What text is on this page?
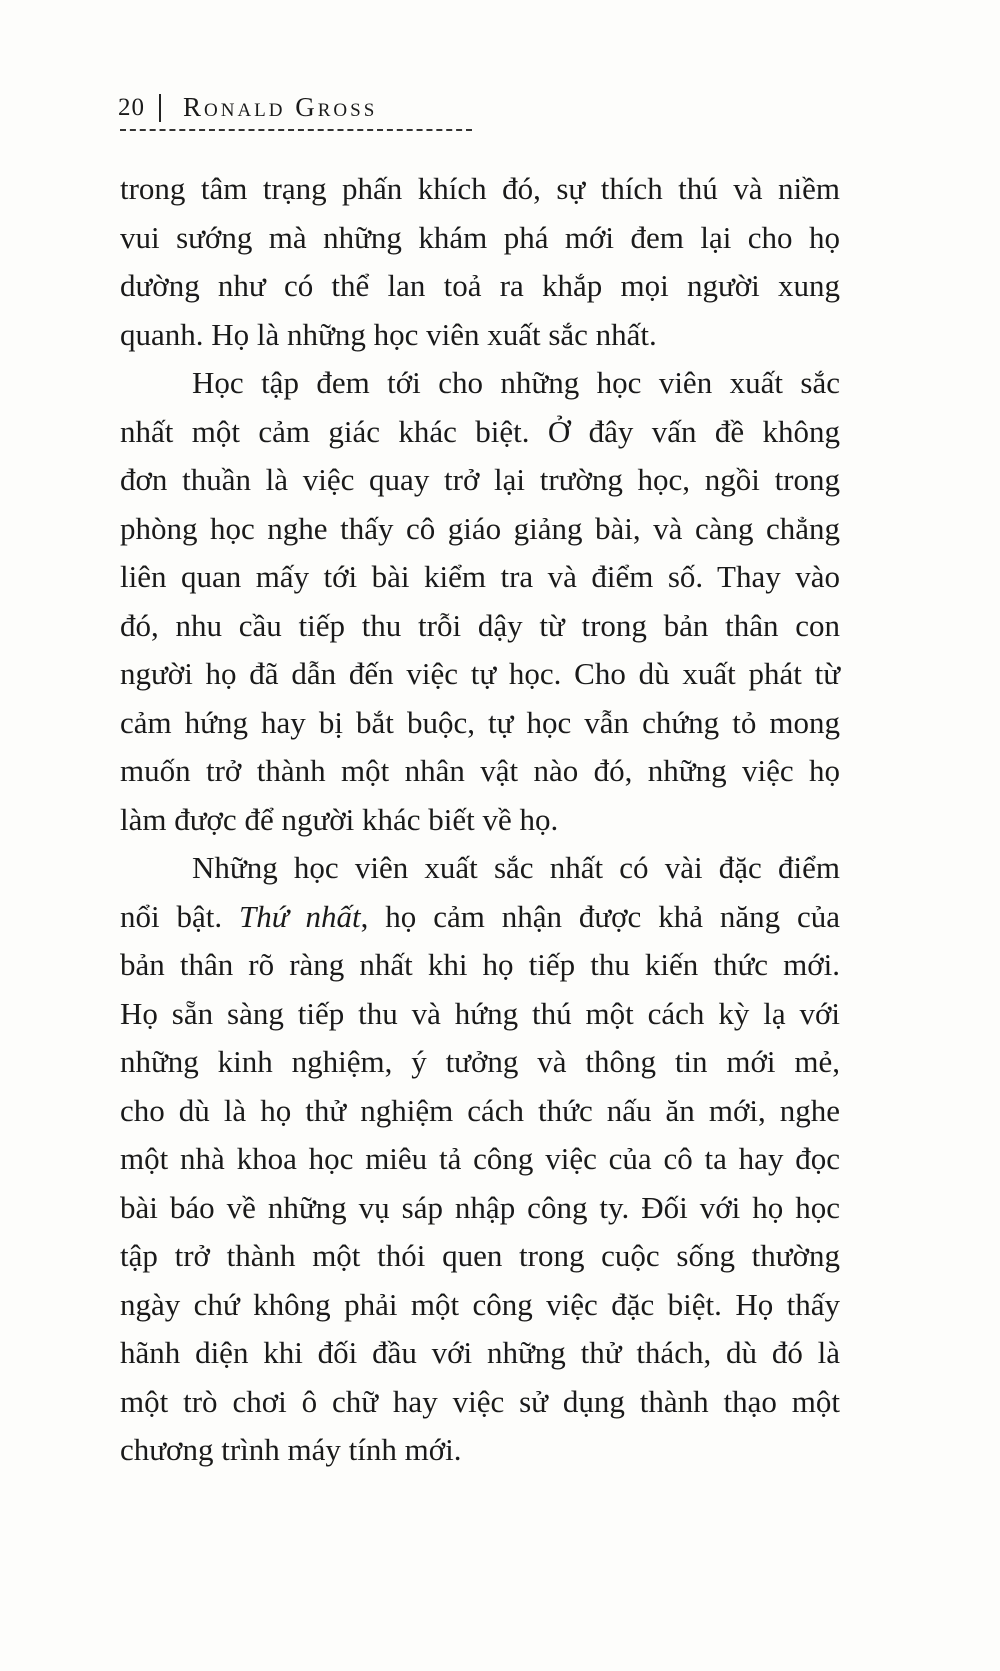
20 Ronald Gross
trong tâm trạng phấn khích đó, sự thích thú và niềm
vui sướng mà những khám phá mới đem lại cho họ
dường như có thể lan toả ra khắp mọi người xung
quanh. Họ là những học viên xuất sắc nhất.
Học tập đem tới cho những học viên xuất sắc
nhất một cảm giác khác biệt. Ở đây vấn đề không
đơn thuần là việc quay trở lại trường học, ngồi trong
phòng học nghe thấy cô giáo giảng bài, và càng chẳng
liên quan mấy tới bài kiểm tra và điểm số. Thay vào
đó, nhu cầu tiếp thu trỗi dậy từ trong bản thân con
người họ đã dẫn đến việc tự học. Cho dù xuất phát từ
cảm hứng hay bị bắt buộc, tự học vẫn chứng tỏ mong
muốn trở thành một nhân vật nào đó, những việc họ
làm được để người khác biết về họ.
Những học viên xuất sắc nhất có vài đặc điểm
nổi bật. Thứ nhất, họ cảm nhận được khả năng của
bản thân rõ ràng nhất khi họ tiếp thu kiến thức mới.
Họ sẵn sàng tiếp thu và hứng thú một cách kỳ lạ với
những kinh nghiệm, ý tưởng và thông tin mới mẻ,
cho dù là họ thử nghiệm cách thức nấu ăn mới, nghe
một nhà khoa học miêu tả công việc của cô ta hay đọc
bài báo về những vụ sáp nhập công ty. Đối với họ học
tập trở thành một thói quen trong cuộc sống thường
ngày chứ không phải một công việc đặc biệt. Họ thấy
hãnh diện khi đối đầu với những thử thách, dù đó là
một trò chơi ô chữ hay việc sử dụng thành thạo một
chương trình máy tính mới.
